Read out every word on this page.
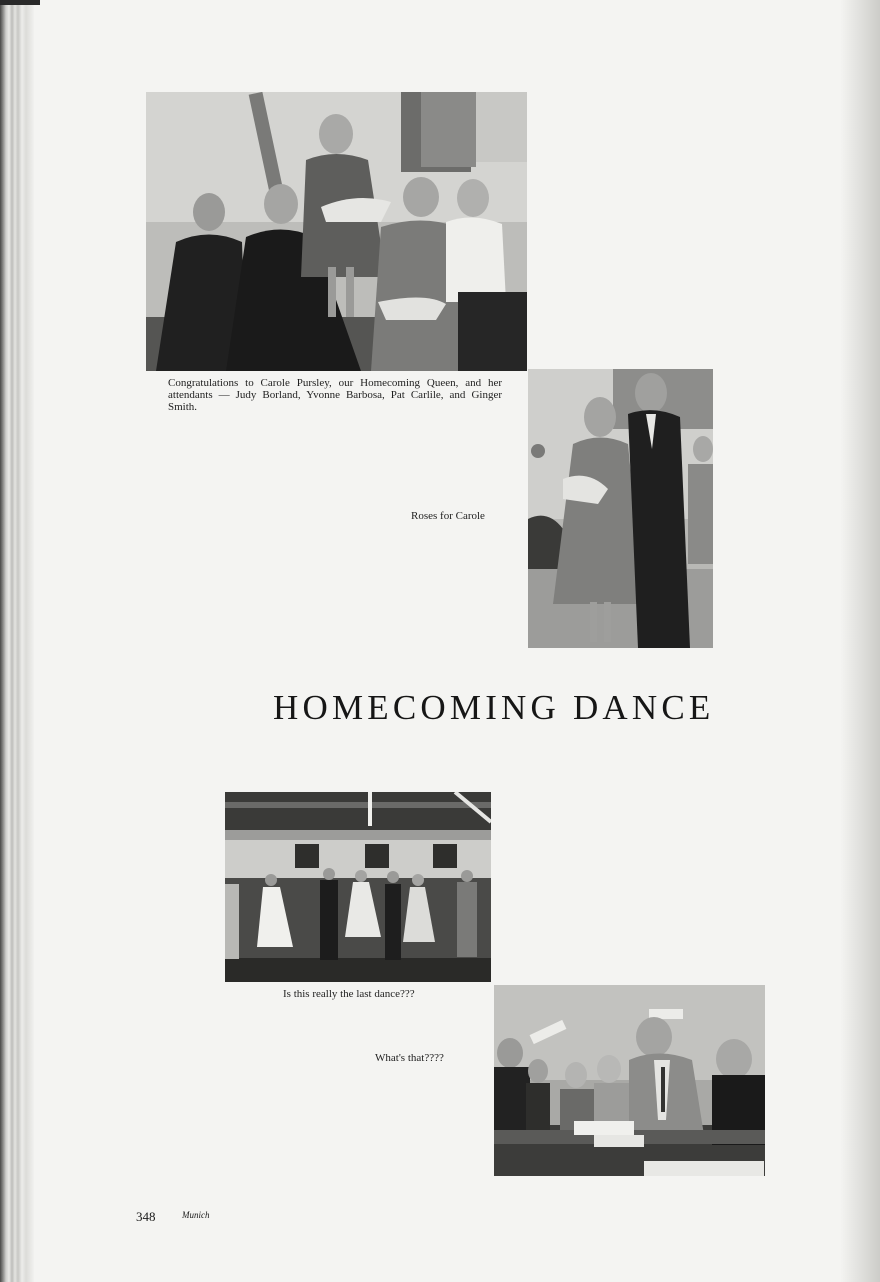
Congratulations to Carole Pursley, our Homecoming Queen, and her attendants — Judy Borland, Yvonne Barbosa, Pat Carlile, and Ginger Smith.
Roses for Carole
HOMECOMING DANCE
Is this really the last dance???
What's that????
348	Munich
